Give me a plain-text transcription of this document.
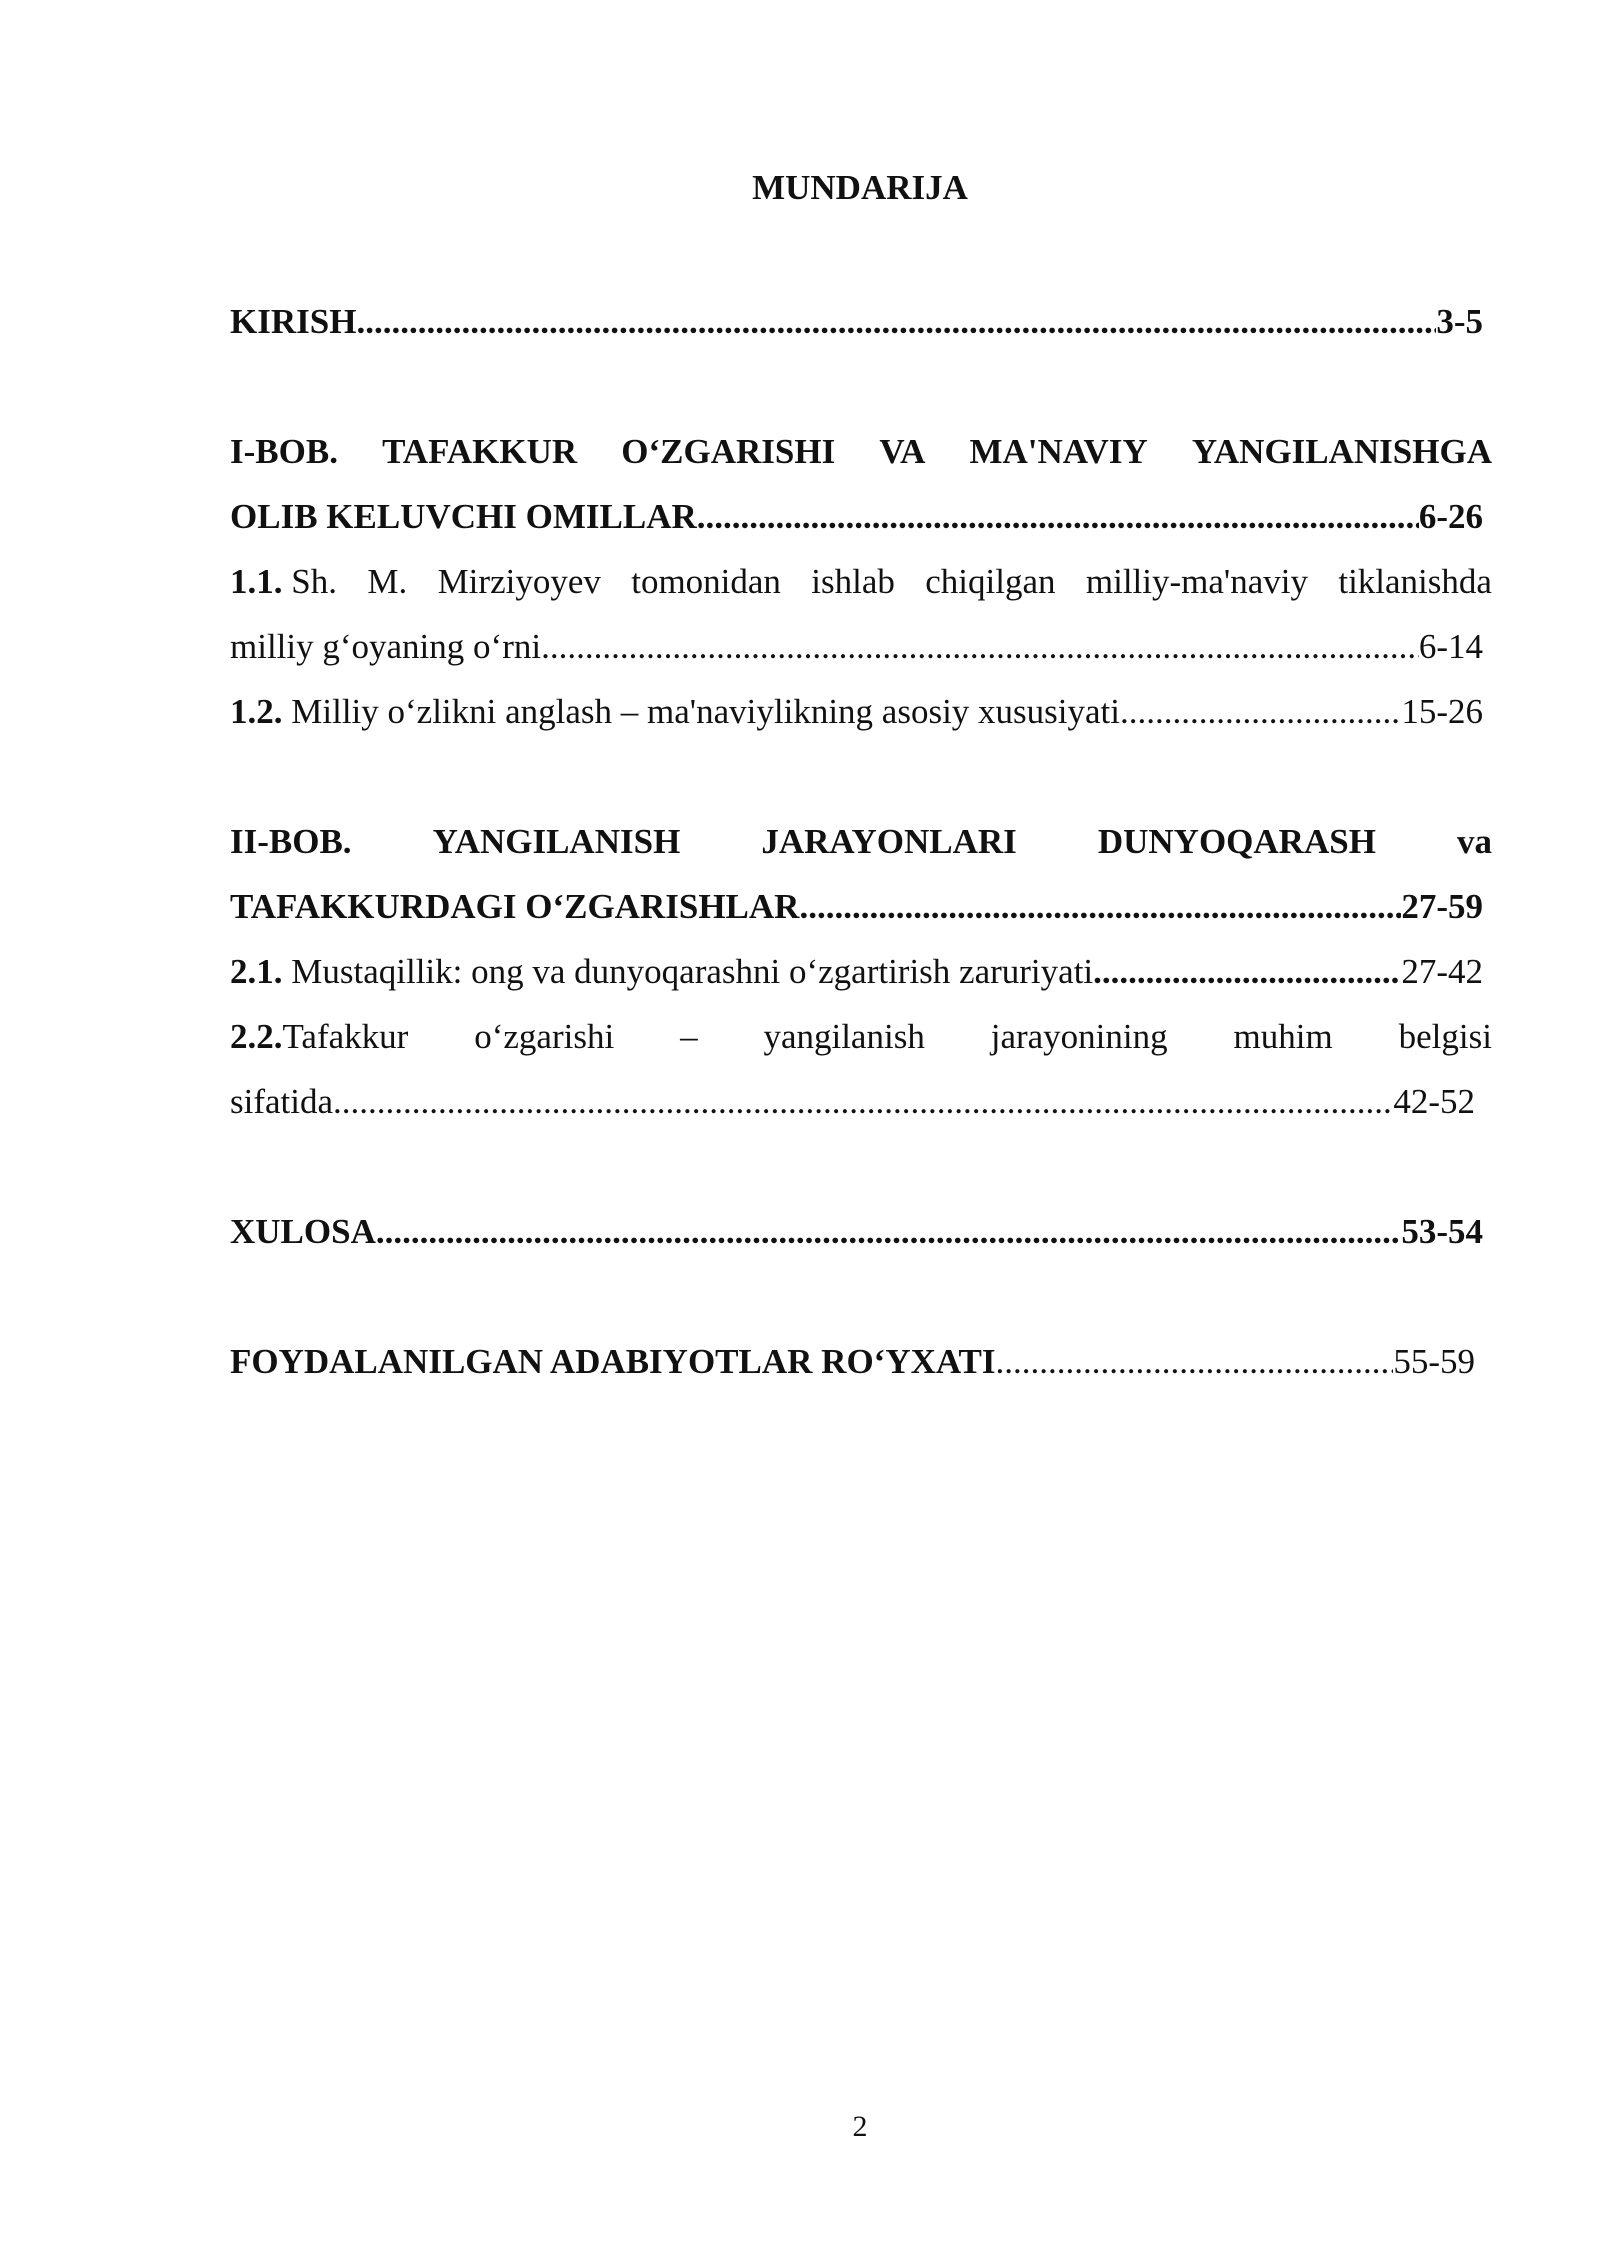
MUNDARIJA
KIRISH .....	3-5
I-BOB. TAFAKKUR O‘ZGARISHI VA MA'NAVIY YANGILANISHGA
OLIB KELUVCHI OMILLAR .....	6-26
1.1. Sh. M. Mirziyoyev tomonidan ishlab chiqilgan milliy-ma'naviy tiklanishda
milliy g‘oyaning o‘rni .....	6-14
1.2. Milliy o‘zlikni anglash – ma'naviylikning asosiy xususiyati .....	15-26
II-BOB. YANGILANISH JARAYONLARI DUNYOQARASH va
TAFAKKURDAGI O‘ZGARISHLAR .....	27-59
2.1. Mustaqillik: ong va dunyoqarashni o‘zgartirish zaruriyati .....	27-42
2.2.Tafakkur o‘zgarishi – yangilanish jarayonining muhim belgisi
sifatida .....	42-52
XULOSA .....	53-54
FOYDALANILGAN ADABIYOTLAR RO‘YXATI .....	55-59
2
